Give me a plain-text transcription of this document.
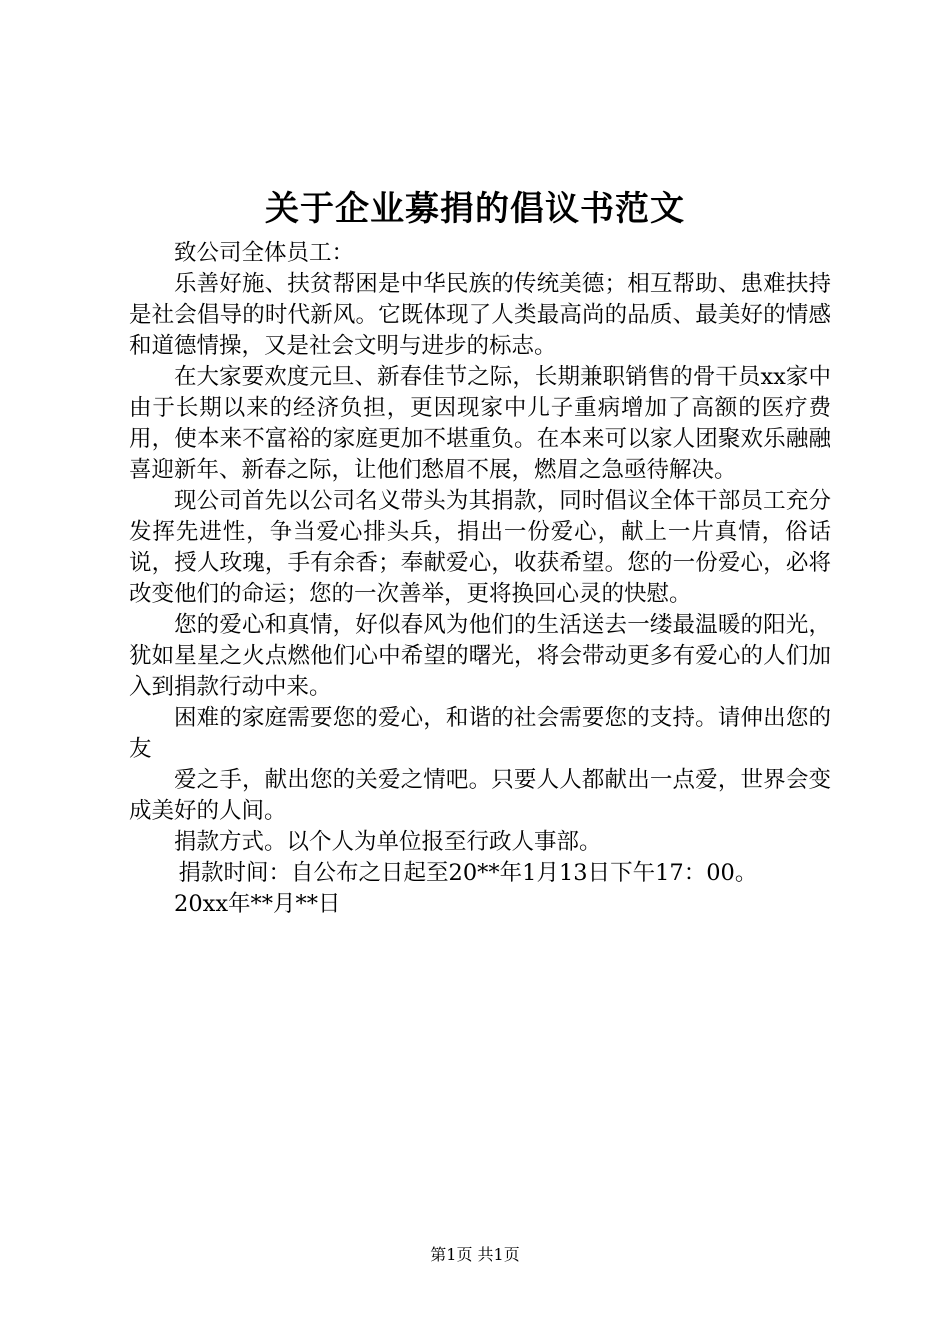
关于企业募捐的倡议书范文

致公司全体员工：

乐善好施、扶贫帮困是中华民族的传统美德；相互帮助、患难扶持是社会倡导的时代新风。它既体现了人类最高尚的品质、最美好的情感和道德情操，又是社会文明与进步的标志。

在大家要欢度元旦、新春佳节之际，长期兼职销售的骨干员xx家中由于长期以来的经济负担，更因现家中儿子重病增加了高额的医疗费用，使本来不富裕的家庭更加不堪重负。在本来可以家人团聚欢乐融融喜迎新年、新春之际，让他们愁眉不展，燃眉之急亟待解决。

现公司首先以公司名义带头为其捐款，同时倡议全体干部员工充分发挥先进性，争当爱心排头兵，捐出一份爱心，献上一片真情，俗话说，授人玫瑰，手有余香；奉献爱心，收获希望。您的一份爱心，必将改变他们的命运；您的一次善举，更将换回心灵的快慰。

您的爱心和真情，好似春风为他们的生活送去一缕最温暖的阳光，犹如星星之火点燃他们心中希望的曙光，将会带动更多有爱心的人们加入到捐款行动中来。

困难的家庭需要您的爱心，和谐的社会需要您的支持。请伸出您的友

爱之手，献出您的关爱之情吧。只要人人都献出一点爱，世界会变成美好的人间。

捐款方式。以个人为单位报至行政人事部。

捐款时间：自公布之日起至20**年1月13日下午17：00。

20xx年**月**日

第1页 共1页
